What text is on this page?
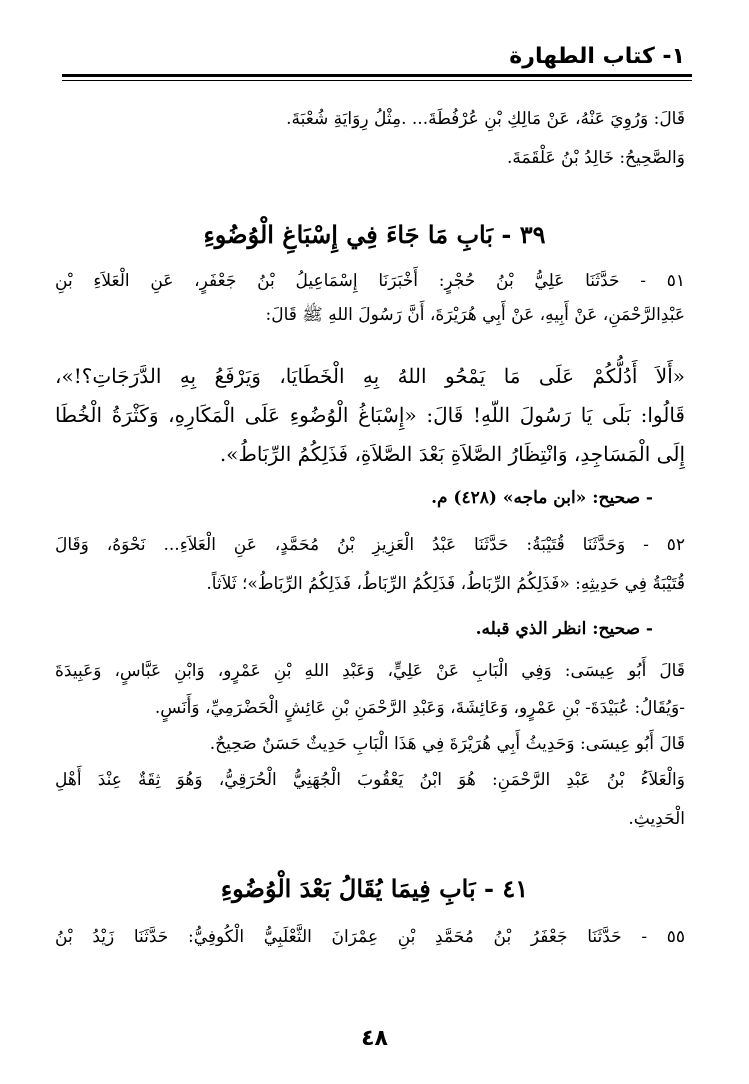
١- كتاب الطهارة
قَالَ: وَرُوِيَ عَنْهُ، عَنْ مَالِكِ بْنِ عُرْفُطَةَ... .مِثْلُ رِوَايَةِ شُعْبَةَ.
وَالصَّحِيحُ: خَالِدُ بْنُ عَلْقَمَةَ.
٣٩ - بَابِ مَا جَاءَ فِي إِسْبَاغِ الْوُضُوءِ
٥١ - حَدَّثَنَا عَلِيُّ بْنُ حُجْرٍ: أَخْبَرَنَا إِسْمَاعِيلُ بْنُ جَعْفَرٍ، عَنِ الْعَلاَءِ بْنِ
عَبْدِالرَّحْمَنِ، عَنْ أَبِيهِ، عَنْ أَبِي هُرَيْرَةَ، أَنَّ رَسُولَ اللهِ ﷺ قَالَ:
«أَلاَ أَدُلُّكُمْ عَلَى مَا يَمْحُو اللهُ بِهِ الْخَطَايَا، وَيَرْفَعُ بِهِ الدَّرَجَاتِ؟!»،
قَالُوا: بَلَى يَا رَسُولَ اللّهِ! قَالَ: «إِسْبَاغُ الْوُضُوءِ عَلَى الْمَكَارِهِ، وَكَثْرَةُ الْخُطَا
إِلَى الْمَسَاجِدِ، وَانْتِظَارُ الصَّلاَةِ بَعْدَ الصَّلاَةِ، فَذَلِكُمُ الرِّبَاطُ».
- صحيح: «ابن ماجه» (٤٢٨) م.
٥٢ - وَحَدَّثَنَا قُتَيْبَةُ: حَدَّثَنَا عَبْدُ الْعَزِيزِ بْنُ مُحَمَّدٍ، عَنِ الْعَلاَءِ... نَحْوَهُ، وَقَالَ
قُتَيْبَةُ فِي حَدِيثِهِ: «فَذَلِكُمُ الرِّبَاطُ، فَذَلِكُمُ الرِّبَاطُ، فَذَلِكُمُ الرِّبَاطُ»؛ ثَلاَثاً.
- صحيح: انظر الذي قبله.
قَالَ أَبُو عِيسَى: وَفِي الْبَابِ عَنْ عَلِيٍّ، وَعَبْدِ اللهِ بْنِ عَمْرٍو، وَابْنِ عَبَّاسٍ، وَعَبِيدَةَ
-وَيُقَالُ: عُبَيْدَةَ- بْنِ عَمْرٍو، وَعَائِشَةَ، وَعَبْدِ الرَّحْمَنِ بْنِ عَائِشٍ الْحَضْرَمِيِّ، وَأَنَسٍ.
قَالَ أَبُو عِيسَى: وَحَدِيثُ أَبِي هُرَيْرَةَ فِي هَذَا الْبَابِ حَدِيثٌ حَسَنٌ صَحِيحٌ.
وَالْعَلاَءُ بْنُ عَبْدِ الرَّحْمَنِ: هُوَ ابْنُ يَعْقُوبَ الْجُهَنِيُّ الْحُرَقِيُّ، وَهُوَ ثِقَةٌ عِنْدَ أَهْلِ
الْحَدِيثِ.
٤١ - بَابِ فِيمَا يُقَالُ بَعْدَ الْوُضُوءِ
٥٥ - حَدَّثَنَا جَعْفَرُ بْنُ مُحَمَّدِ بْنِ عِمْرَانَ الثَّعْلَبِيُّ الْكُوفِيُّ: حَدَّثَنَا زَيْدُ بْنُ
٤٨
